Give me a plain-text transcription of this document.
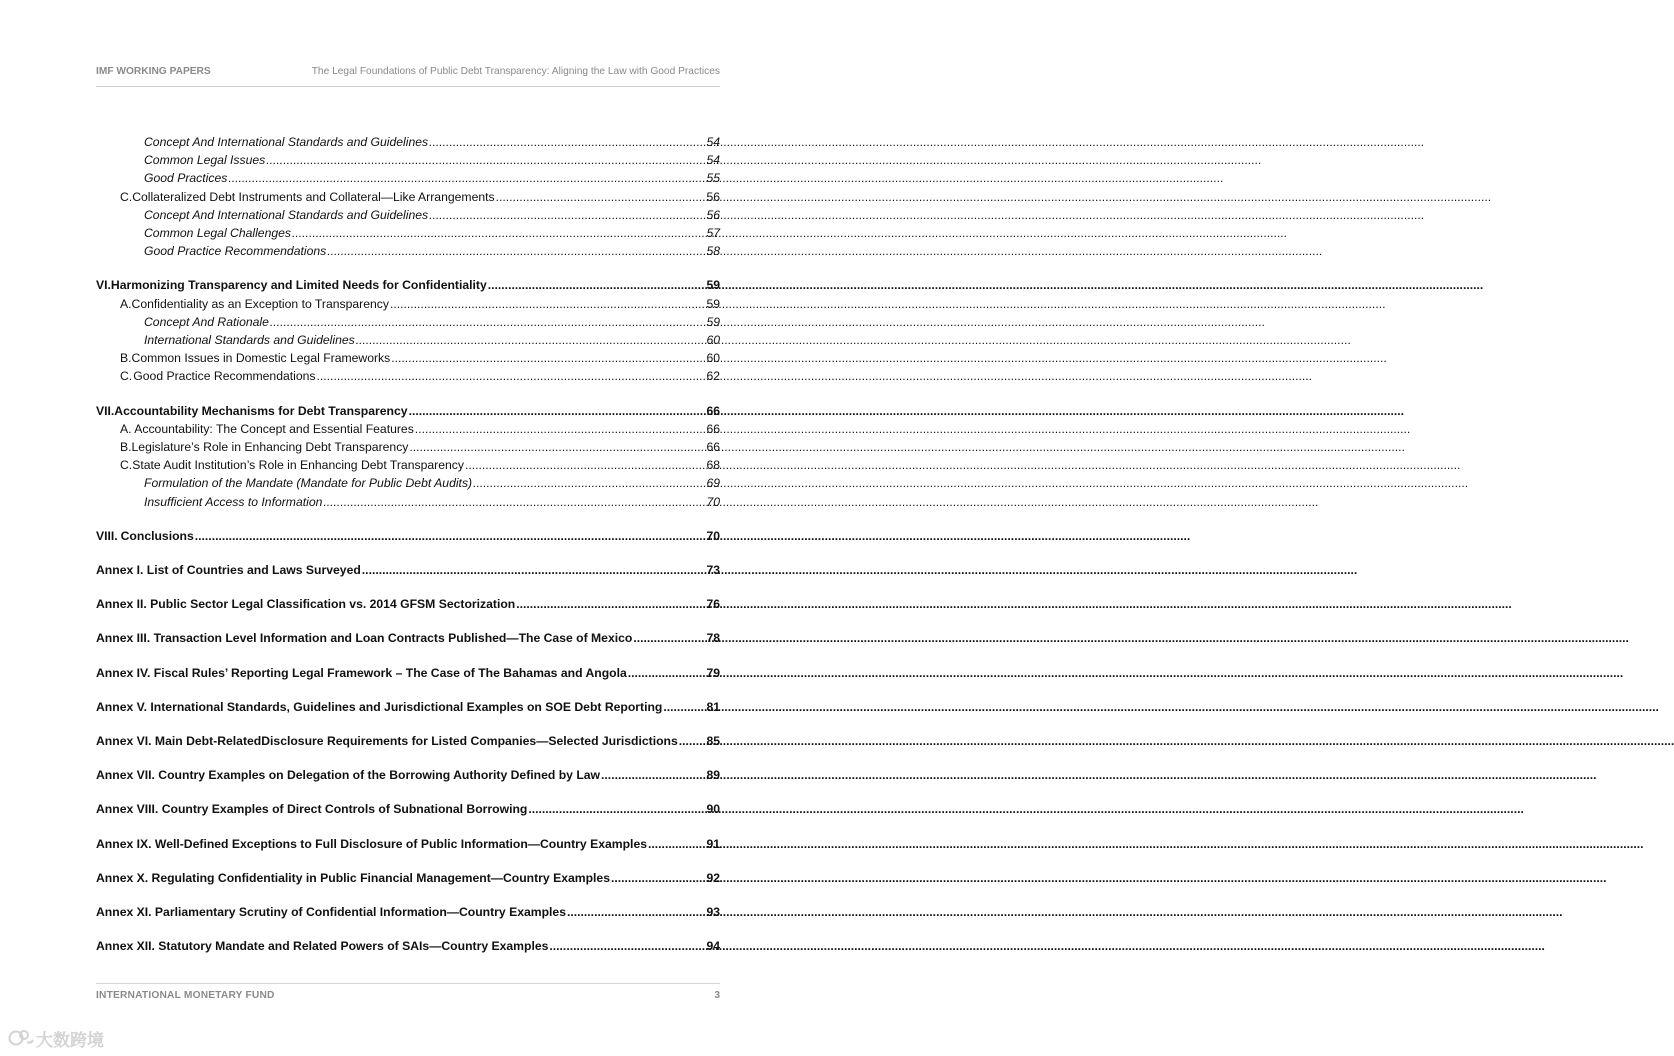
IMF WORKING PAPERS	The Legal Foundations of Public Debt Transparency: Aligning the Law with Good Practices
Concept And International Standards and Guidelines .....	54
Common Legal Issues .....	54
Good Practices .....	55
C. Collateralized Debt Instruments and Collateral—Like Arrangements .....	56
Concept And International Standards and Guidelines .....	56
Common Legal Challenges .....	57
Good Practice Recommendations .....	58
VI. Harmonizing Transparency and Limited Needs for Confidentiality .....	59
A. Confidentiality as an Exception to Transparency .....	59
Concept And Rationale .....	59
International Standards and Guidelines .....	60
B. Common Issues in Domestic Legal Frameworks .....	60
C. Good Practice Recommendations .....	62
VII. Accountability Mechanisms for Debt Transparency .....	66
A. Accountability: The Concept and Essential Features .....	66
B. Legislature’s Role in Enhancing Debt Transparency .....	66
C. State Audit Institution’s Role in Enhancing Debt Transparency .....	68
Formulation of the Mandate (Mandate for Public Debt Audits) .....	69
Insufficient Access to Information .....	70
VIII. Conclusions .....	70
Annex I. List of Countries and Laws Surveyed .....	73
Annex II. Public Sector Legal Classification vs. 2014 GFSM Sectorization .....	76
Annex III. Transaction Level Information and Loan Contracts Published—The Case of Mexico .....	78
Annex IV. Fiscal Rules’ Reporting Legal Framework – The Case of The Bahamas and Angola .....	79
Annex V. International Standards, Guidelines and Jurisdictional Examples on SOE Debt Reporting .....	81
Annex VI. Main Debt-RelatedDisclosure Requirements for Listed Companies—Selected Jurisdictions ..... 85
Annex VII. Country Examples on Delegation of the Borrowing Authority Defined by Law .....	89
Annex VIII. Country Examples of Direct Controls of Subnational Borrowing .....	90
Annex IX. Well-Defined Exceptions to Full Disclosure of Public Information—Country Examples .....	91
Annex X. Regulating Confidentiality in Public Financial Management—Country Examples .....	92
Annex XI. Parliamentary Scrutiny of Confidential Information—Country Examples .....	93
Annex XII. Statutory Mandate and Related Powers of SAIs—Country Examples .....	94
INTERNATIONAL MONETARY FUND	3
大数跨境
